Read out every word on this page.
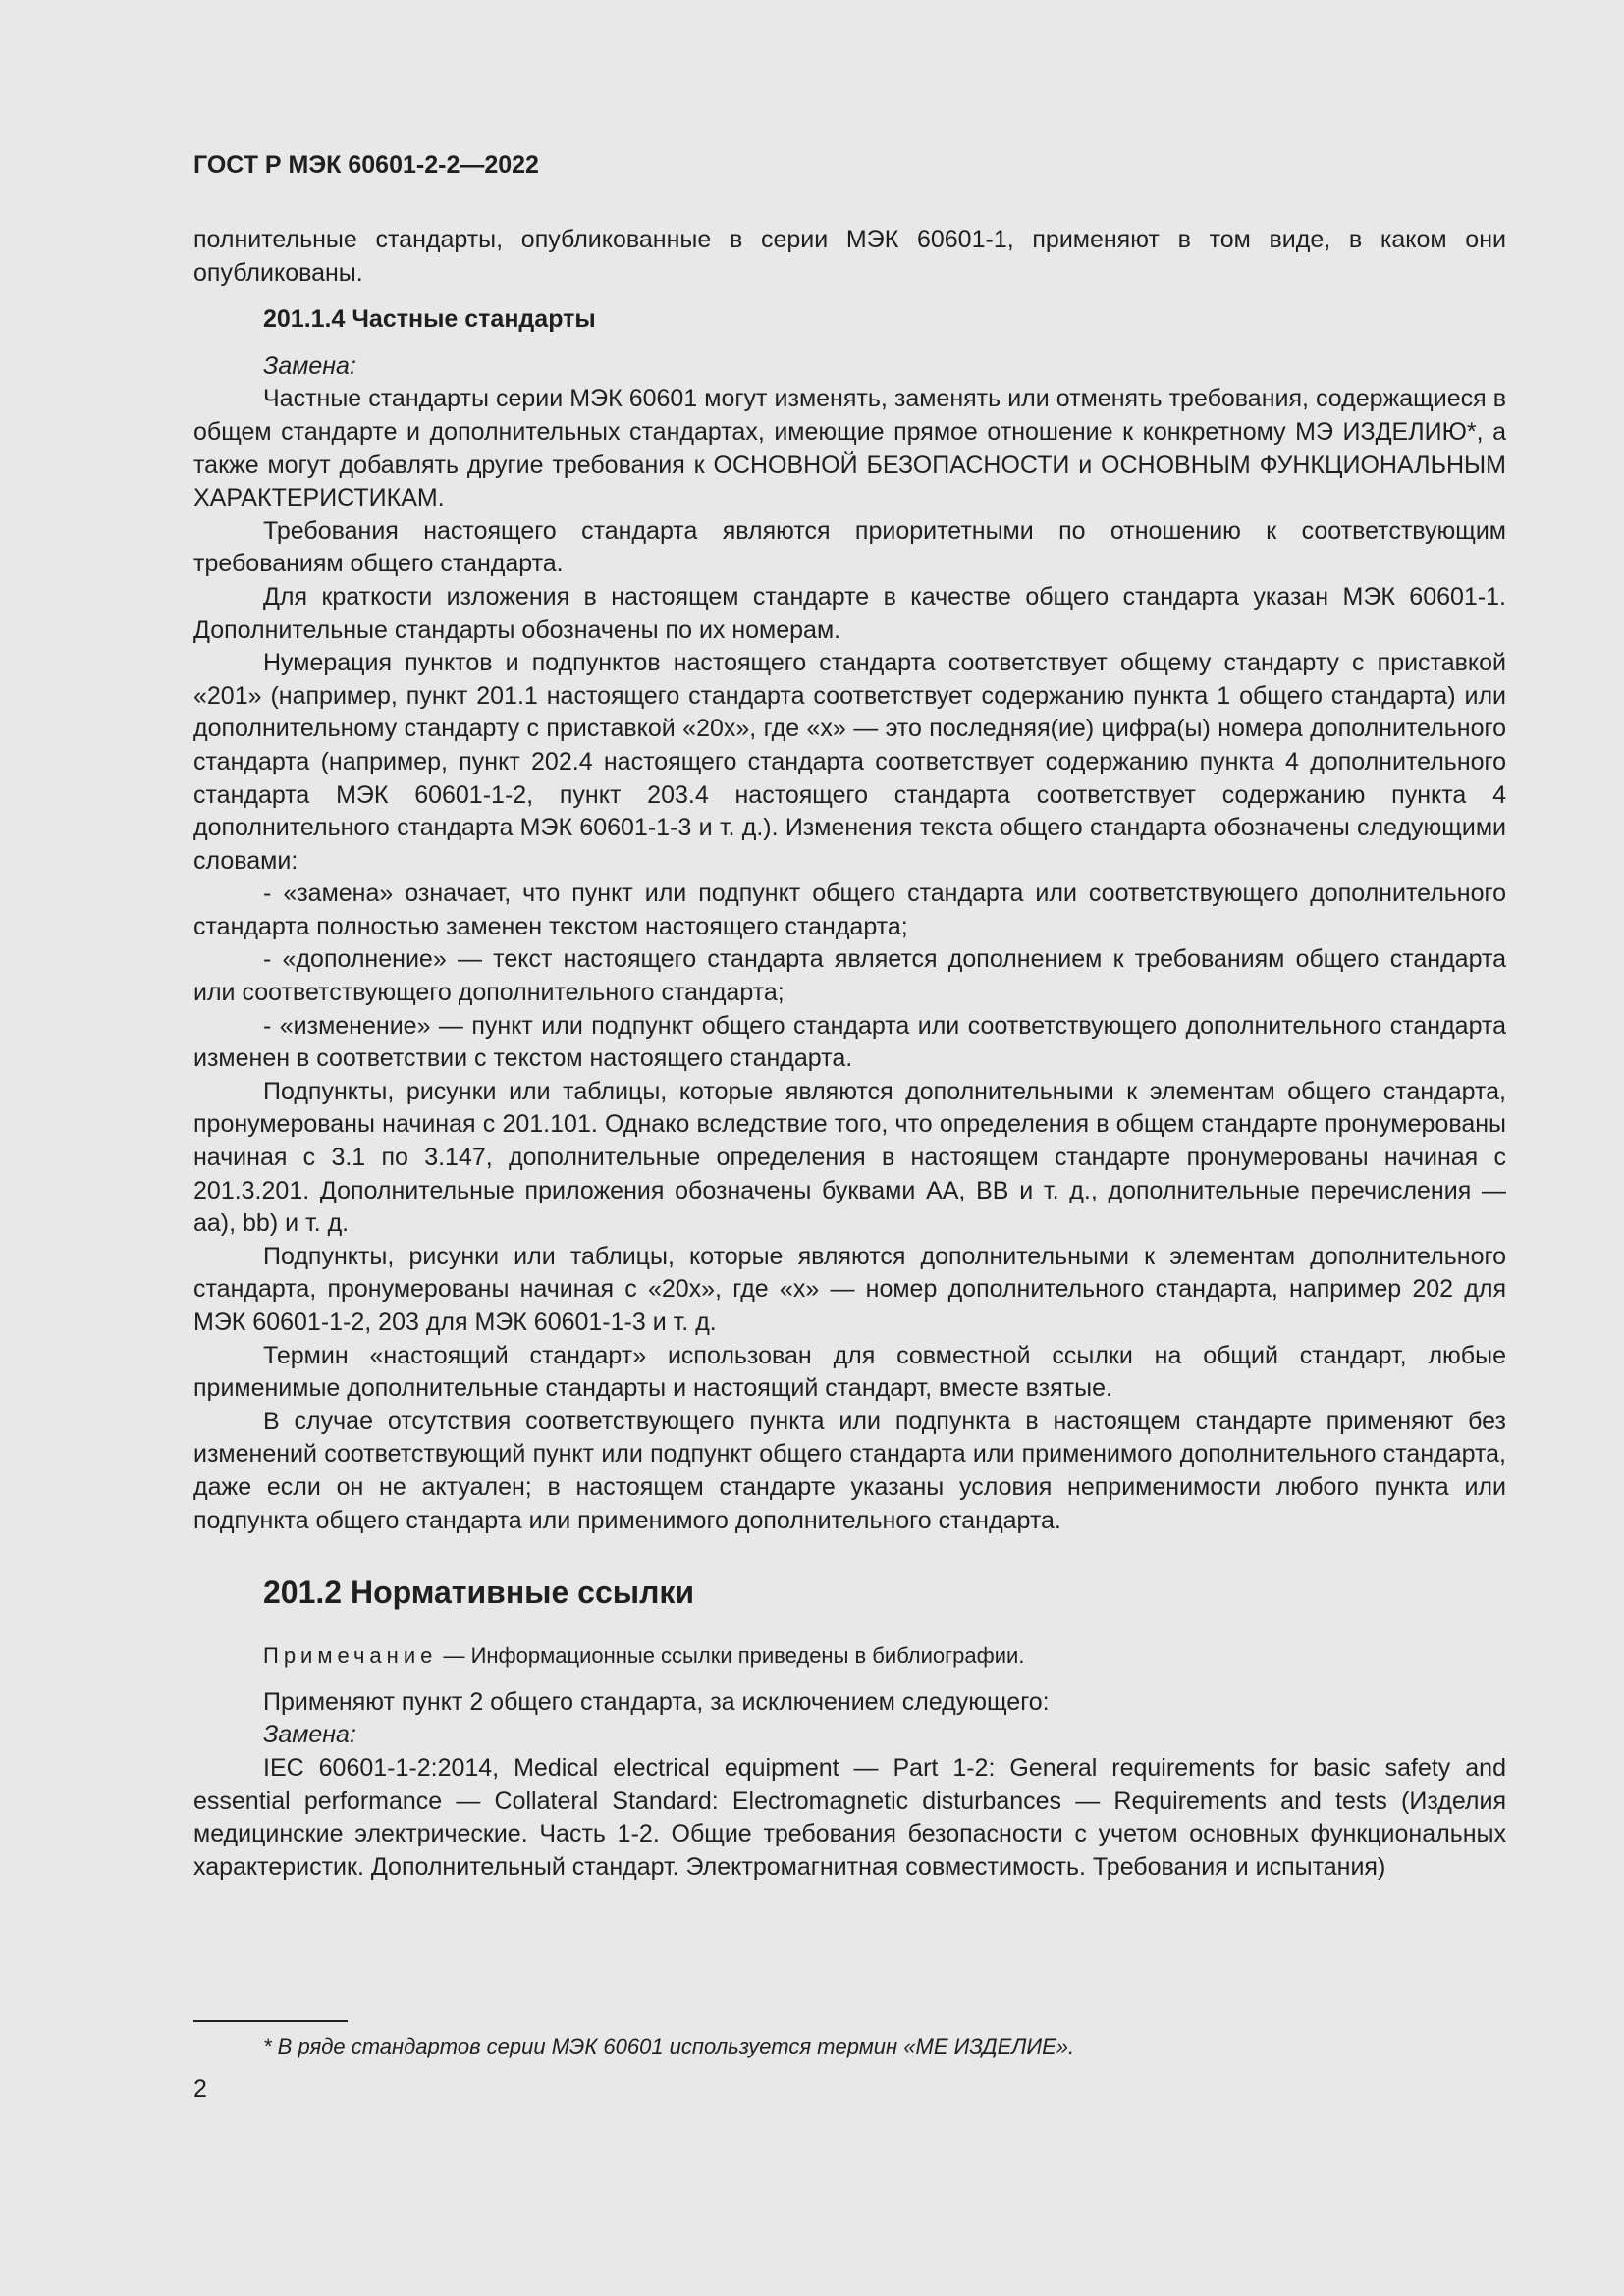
ГОСТ Р МЭК 60601-2-2—2022

полнительные стандарты, опубликованные в серии МЭК 60601-1, применяют в том виде, в каком они опубликованы.

201.1.4 Частные стандарты

Замена:

Частные стандарты серии МЭК 60601 могут изменять, заменять или отменять требования, содержащиеся в общем стандарте и дополнительных стандартах, имеющие прямое отношение к конкретному МЭ ИЗДЕЛИЮ*, а также могут добавлять другие требования к ОСНОВНОЙ БЕЗОПАСНОСТИ и ОСНОВНЫМ ФУНКЦИОНАЛЬНЫМ ХАРАКТЕРИСТИКАМ.

Требования настоящего стандарта являются приоритетными по отношению к соответствующим требованиям общего стандарта.

Для краткости изложения в настоящем стандарте в качестве общего стандарта указан МЭК 60601-1. Дополнительные стандарты обозначены по их номерам.

Нумерация пунктов и подпунктов настоящего стандарта соответствует общему стандарту с приставкой «201» (например, пункт 201.1 настоящего стандарта соответствует содержанию пункта 1 общего стандарта) или дополнительному стандарту с приставкой «20х», где «х» — это последняя(ие) цифра(ы) номера дополнительного стандарта (например, пункт 202.4 настоящего стандарта соответствует содержанию пункта 4 дополнительного стандарта МЭК 60601-1-2, пункт 203.4 настоящего стандарта соответствует содержанию пункта 4 дополнительного стандарта МЭК 60601-1-3 и т. д.). Изменения текста общего стандарта обозначены следующими словами:

- «замена» означает, что пункт или подпункт общего стандарта или соответствующего дополнительного стандарта полностью заменен текстом настоящего стандарта;

- «дополнение» — текст настоящего стандарта является дополнением к требованиям общего стандарта или соответствующего дополнительного стандарта;

- «изменение» — пункт или подпункт общего стандарта или соответствующего дополнительного стандарта изменен в соответствии с текстом настоящего стандарта.

Подпункты, рисунки или таблицы, которые являются дополнительными к элементам общего стандарта, пронумерованы начиная с 201.101. Однако вследствие того, что определения в общем стандарте пронумерованы начиная с 3.1 по 3.147, дополнительные определения в настоящем стандарте пронумерованы начиная с 201.3.201. Дополнительные приложения обозначены буквами АА, ВВ и т. д., дополнительные перечисления — аа), bb) и т. д.

Подпункты, рисунки или таблицы, которые являются дополнительными к элементам дополнительного стандарта, пронумерованы начиная с «20х», где «х» — номер дополнительного стандарта, например 202 для МЭК 60601-1-2, 203 для МЭК 60601-1-3 и т. д.

Термин «настоящий стандарт» использован для совместной ссылки на общий стандарт, любые применимые дополнительные стандарты и настоящий стандарт, вместе взятые.

В случае отсутствия соответствующего пункта или подпункта в настоящем стандарте применяют без изменений соответствующий пункт или подпункт общего стандарта или применимого дополнительного стандарта, даже если он не актуален; в настоящем стандарте указаны условия неприменимости любого пункта или подпункта общего стандарта или применимого дополнительного стандарта.

201.2 Нормативные ссылки

Примечание — Информационные ссылки приведены в библиографии.

Применяют пункт 2 общего стандарта, за исключением следующего:

Замена:

IEC 60601-1-2:2014, Medical electrical equipment — Part 1-2: General requirements for basic safety and essential performance — Collateral Standard: Electromagnetic disturbances — Requirements and tests (Изделия медицинские электрические. Часть 1-2. Общие требования безопасности с учетом основных функциональных характеристик. Дополнительный стандарт. Электромагнитная совместимость. Требования и испытания)

* В ряде стандартов серии МЭК 60601 используется термин «МЕ ИЗДЕЛИЕ».
2
